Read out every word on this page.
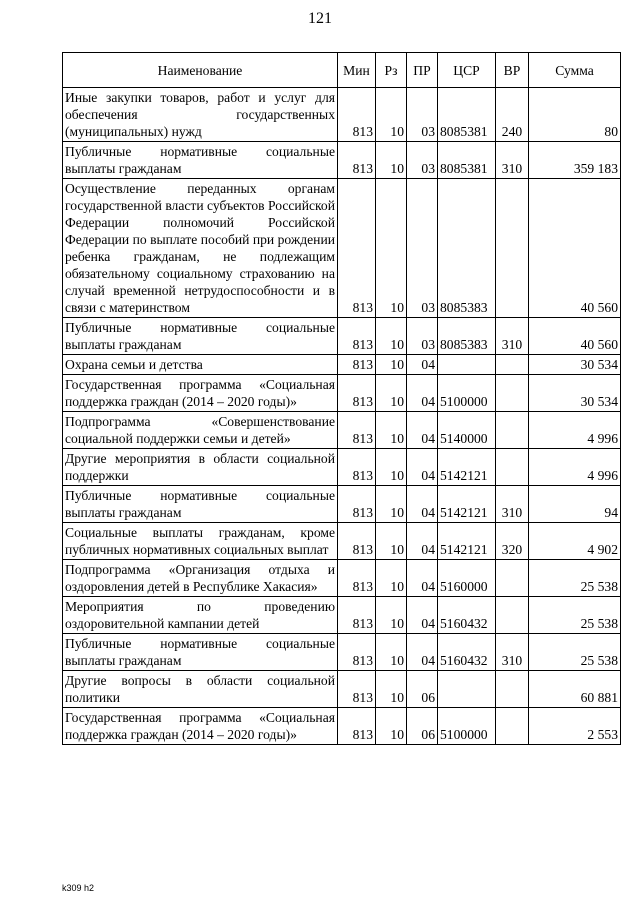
121
Наименование	Мин	Рз	ПР	ЦСР	ВР	Сумма
Иные закупки товаров, работ и услуг для обеспечения государственных (муниципальных) нужд	813	10	03	8085381	240	80
Публичные нормативные социальные выплаты гражданам	813	10	03	8085381	310	359 183
Осуществление переданных органам государственной власти субъектов Российской Федерации полномочий Российской Федерации по выплате пособий при рождении ребенка гражданам, не подлежащим обязательному социальному страхованию на случай временной нетрудоспособности и в связи с материнством	813	10	03	8085383		40 560
Публичные нормативные социальные выплаты гражданам	813	10	03	8085383	310	40 560
Охрана семьи и детства	813	10	04			30 534
Государственная программа «Социальная поддержка граждан (2014 – 2020 годы)»	813	10	04	5100000		30 534
Подпрограмма «Совершенствование социальной поддержки семьи и детей»	813	10	04	5140000		4 996
Другие мероприятия в области социальной поддержки	813	10	04	5142121		4 996
Публичные нормативные социальные выплаты гражданам	813	10	04	5142121	310	94
Социальные выплаты гражданам, кроме публичных нормативных социальных выплат	813	10	04	5142121	320	4 902
Подпрограмма «Организация отдыха и оздоровления детей в Республике Хакасия»	813	10	04	5160000		25 538
Мероприятия по проведению оздоровительной кампании детей	813	10	04	5160432		25 538
Публичные нормативные социальные выплаты гражданам	813	10	04	5160432	310	25 538
Другие вопросы в области социальной политики	813	10	06			60 881
Государственная программа «Социальная поддержка граждан (2014 – 2020 годы)»	813	10	06	5100000		2 553
k309 h2
